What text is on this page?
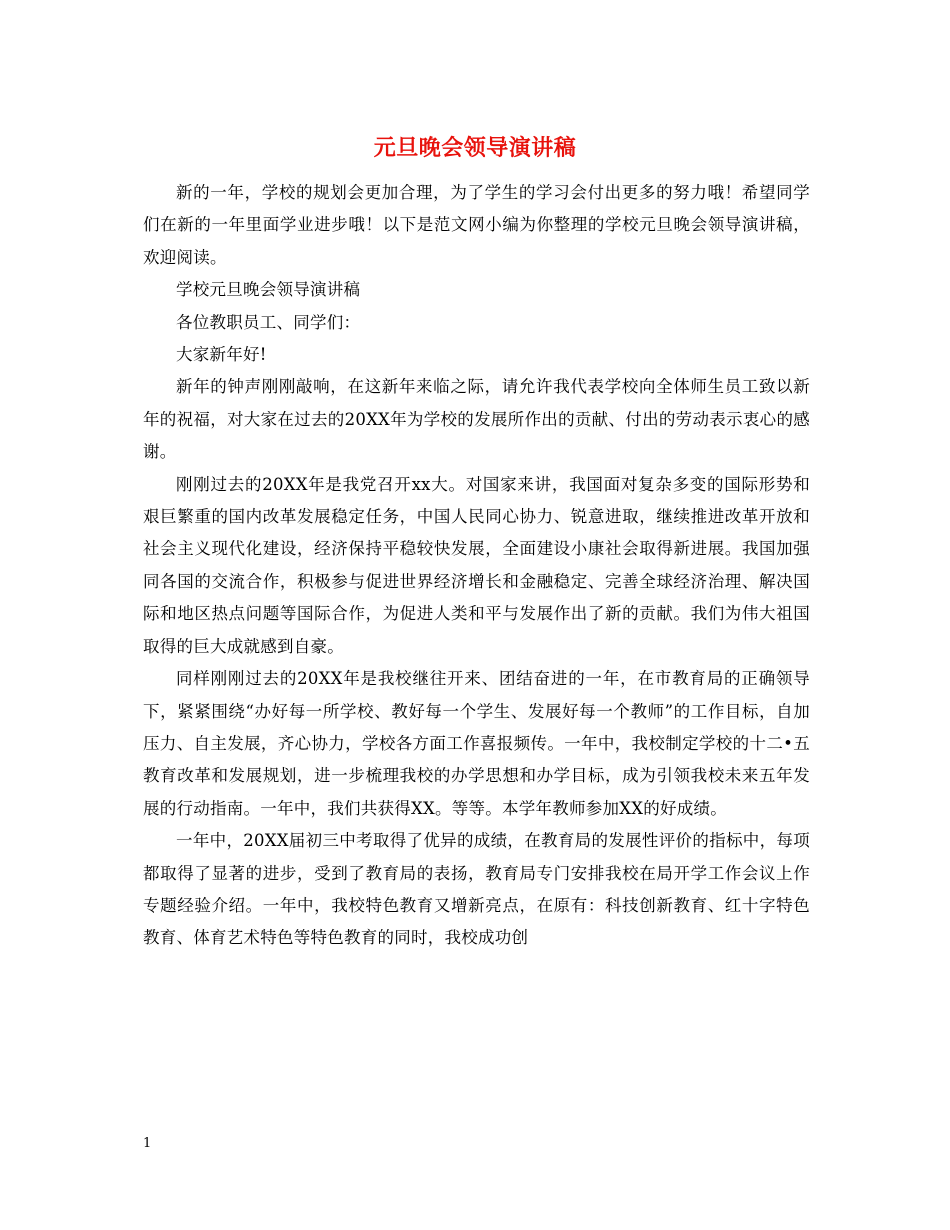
元旦晚会领导演讲稿

新的一年，学校的规划会更加合理，为了学生的学习会付出更多的努力哦！希望同学们在新的一年里面学业进步哦！以下是范文网小编为你整理的学校元旦晚会领导演讲稿，欢迎阅读。

学校元旦晚会领导演讲稿

各位教职员工、同学们：

大家新年好!

新年的钟声刚刚敲响，在这新年来临之际，请允许我代表学校向全体师生员工致以新年的祝福，对大家在过去的20XX年为学校的发展所作出的贡献、付出的劳动表示衷心的感谢。

刚刚过去的20XX年是我党召开xx大。对国家来讲，我国面对复杂多变的国际形势和艰巨繁重的国内改革发展稳定任务，中国人民同心协力、锐意进取，继续推进改革开放和社会主义现代化建设，经济保持平稳较快发展，全面建设小康社会取得新进展。我国加强同各国的交流合作，积极参与促进世界经济增长和金融稳定、完善全球经济治理、解决国际和地区热点问题等国际合作，为促进人类和平与发展作出了新的贡献。我们为伟大祖国取得的巨大成就感到自豪。

同样刚刚过去的20XX年是我校继往开来、团结奋进的一年，在市教育局的正确领导下，紧紧围绕“办好每一所学校、教好每一个学生、发展好每一个教师”的工作目标，自加压力、自主发展，齐心协力，学校各方面工作喜报频传。一年中，我校制定学校的十二•五教育改革和发展规划，进一步梳理我校的办学思想和办学目标，成为引领我校未来五年发展的行动指南。一年中，我们共获得XX。等等。本学年教师参加XX的好成绩。

一年中，20XX届初三中考取得了优异的成绩，在教育局的发展性评价的指标中，每项都取得了显著的进步，受到了教育局的表扬，教育局专门安排我校在局开学工作会议上作专题经验介绍。一年中，我校特色教育又增新亮点，在原有：科技创新教育、红十字特色教育、体育艺术特色等特色教育的同时，我校成功创

1
